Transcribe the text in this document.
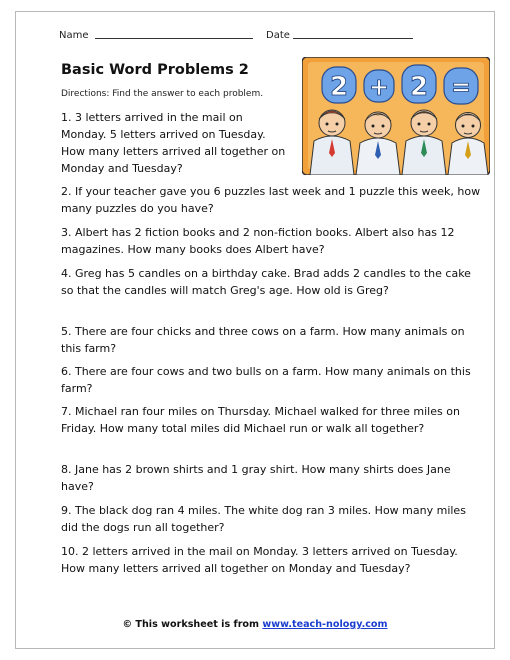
Name	Date
Basic Word Problems 2
Directions: Find the answer to each problem.	2 + 2 =
1. 3 letters arrived in the mail on Monday. 5 letters arrived on Tuesday. How many letters arrived all together on Monday and Tuesday?
2. If your teacher gave you 6 puzzles last week and 1 puzzle this week, how many puzzles do you have?
3. Albert has 2 fiction books and 2 non-fiction books. Albert also has 12 magazines. How many books does Albert have?
4. Greg has 5 candles on a birthday cake. Brad adds 2 candles to the cake so that the candles will match Greg's age. How old is Greg?
5. There are four chicks and three cows on a farm. How many animals on this farm?
6. There are four cows and two bulls on a farm. How many animals on this farm?
7. Michael ran four miles on Thursday. Michael walked for three miles on Friday. How many total miles did Michael run or walk all together?
8. Jane has 2 brown shirts and 1 gray shirt. How many shirts does Jane have?
9. The black dog ran 4 miles. The white dog ran 3 miles. How many miles did the dogs run all together?
10. 2 letters arrived in the mail on Monday. 3 letters arrived on Tuesday. How many letters arrived all together on Monday and Tuesday?
© This worksheet is from www.teach-nology.com
